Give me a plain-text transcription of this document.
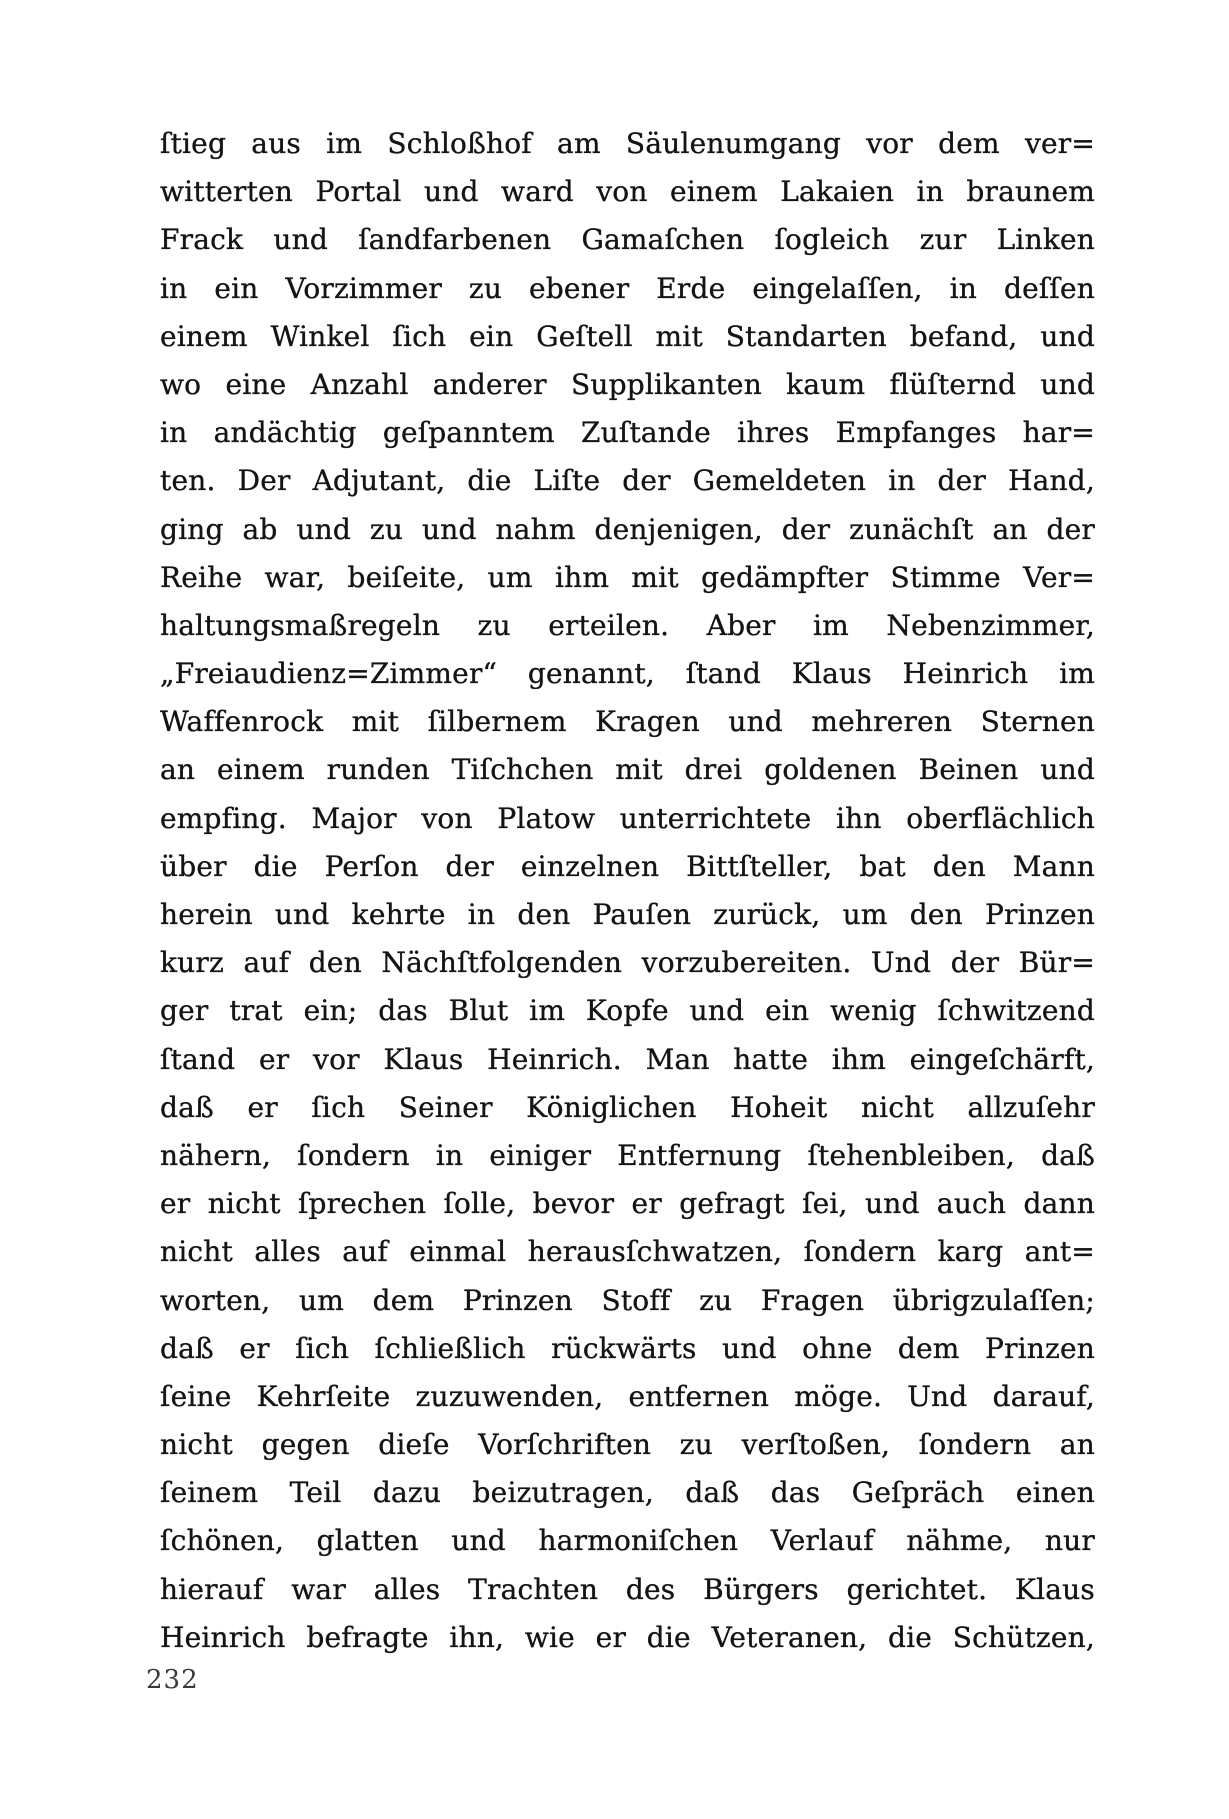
ſtieg aus im Schloßhof am Säulenumgang vor dem ver=
witterten Portal und ward von einem Lakaien in braunem
Frack und ſandfarbenen Gamaſchen ſogleich zur Linken
in ein Vorzimmer zu ebener Erde eingelaſſen, in deſſen
einem Winkel ſich ein Geſtell mit Standarten befand, und
wo eine Anzahl anderer Supplikanten kaum flüſternd und
in andächtig geſpanntem Zuſtande ihres Empfanges har=
ten. Der Adjutant, die Liſte der Gemeldeten in der Hand,
ging ab und zu und nahm denjenigen, der zunächſt an der
Reihe war, beiſeite, um ihm mit gedämpfter Stimme Ver=
haltungsmaßregeln zu erteilen. Aber im Nebenzimmer,
„Freiaudienz=Zimmer“ genannt, ſtand Klaus Heinrich im
Waffenrock mit ſilbernem Kragen und mehreren Sternen
an einem runden Tiſchchen mit drei goldenen Beinen und
empfing. Major von Platow unterrichtete ihn oberflächlich
über die Perſon der einzelnen Bittſteller, bat den Mann
herein und kehrte in den Pauſen zurück, um den Prinzen
kurz auf den Nächſtfolgenden vorzubereiten. Und der Bür=
ger trat ein; das Blut im Kopfe und ein wenig ſchwitzend
ſtand er vor Klaus Heinrich. Man hatte ihm eingeſchärft,
daß er ſich Seiner Königlichen Hoheit nicht allzuſehr
nähern, ſondern in einiger Entfernung ſtehenbleiben, daß
er nicht ſprechen ſolle, bevor er gefragt ſei, und auch dann
nicht alles auf einmal herausſchwatzen, ſondern karg ant=
worten, um dem Prinzen Stoff zu Fragen übrigzulaſſen;
daß er ſich ſchließlich rückwärts und ohne dem Prinzen
ſeine Kehrſeite zuzuwenden, entfernen möge. Und darauf,
nicht gegen dieſe Vorſchriften zu verſtoßen, ſondern an
ſeinem Teil dazu beizutragen, daß das Geſpräch einen
ſchönen, glatten und harmoniſchen Verlauf nähme, nur
hierauf war alles Trachten des Bürgers gerichtet. Klaus
Heinrich befragte ihn, wie er die Veteranen, die Schützen,
232
